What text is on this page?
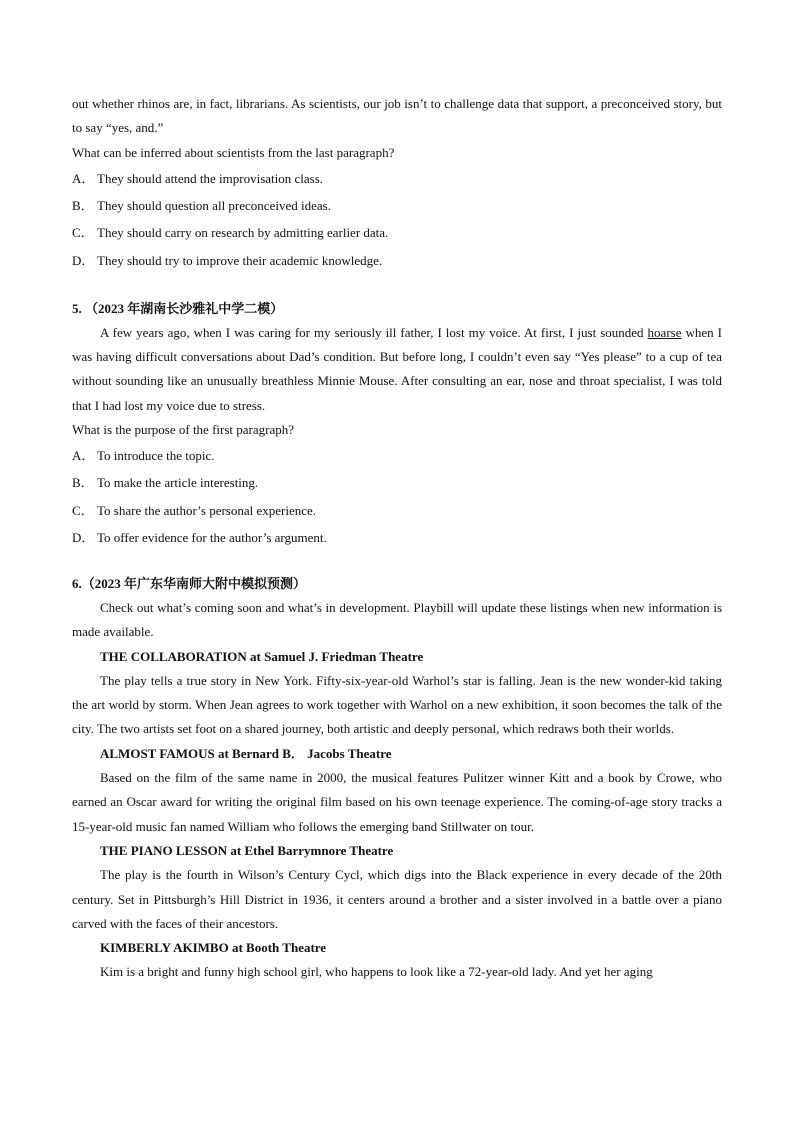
out whether rhinos are, in fact, librarians. As scientists, our job isn’t to challenge data that support, a preconceived story, but to say “yes, and.”

What can be inferred about scientists from the last paragraph?

A． They should attend the improvisation class.

B． They should question all preconceived ideas.

C． They should carry on research by admitting earlier data.

D． They should try to improve their academic knowledge.

5. （2023 年湖南长沙雅礼中学二模）

A few years ago, when I was caring for my seriously ill father, I lost my voice. At first, I just sounded hoarse when I was having difficult conversations about Dad’s condition. But before long, I couldn’t even say “Yes please” to a cup of tea without sounding like an unusually breathless Minnie Mouse. After consulting an ear, nose and throat specialist, I was told that I had lost my voice due to stress.

What is the purpose of the first paragraph?

A． To introduce the topic.

B． To make the article interesting.

C． To share the author’s personal experience.

D． To offer evidence for the author’s argument.

6.（2023 年广东华南师大附中模拟预测）

Check out what’s coming soon and what’s in development. Playbill will update these listings when new information is made available.

THE COLLABORATION at Samuel J. Friedman Theatre

The play tells a true story in New York. Fifty-six-year-old Warhol’s star is falling. Jean is the new wonder-kid taking the art world by storm. When Jean agrees to work together with Warhol on a new exhibition, it soon becomes the talk of the city. The two artists set foot on a shared journey, both artistic and deeply personal, which redraws both their worlds.

ALMOST FAMOUS at Bernard B． Jacobs Theatre

Based on the film of the same name in 2000, the musical features Pulitzer winner Kitt and a book by Crowe, who earned an Oscar award for writing the original film based on his own teenage experience. The coming-of-age story tracks a 15-year-old music fan named William who follows the emerging band Stillwater on tour.

THE PIANO LESSON at Ethel Barrymnore Theatre

The play is the fourth in Wilson’s Century Cycl, which digs into the Black experience in every decade of the 20th century. Set in Pittsburgh’s Hill District in 1936, it centers around a brother and a sister involved in a battle over a piano carved with the faces of their ancestors.

KIMBERLY AKIMBO at Booth Theatre

Kim is a bright and funny high school girl, who happens to look like a 72-year-old lady. And yet her aging
